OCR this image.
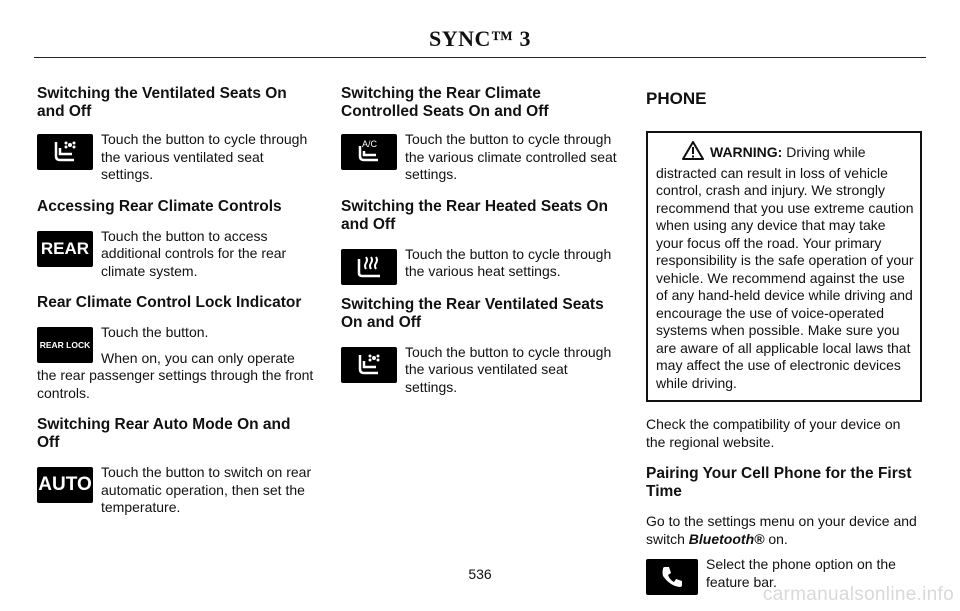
SYNC™ 3
Switching the Ventilated Seats On and Off

Touch the button to cycle through the various ventilated seat settings.

Accessing Rear Climate Controls
REAR

Touch the button to access additional controls for the rear climate system.

Rear Climate Control Lock Indicator
REAR LOCK

Touch the button.

When on, you can only operate the rear passenger settings through the front controls.

Switching Rear Auto Mode On and Off
AUTO

Touch the button to switch on rear automatic operation, then set the temperature.

Switching the Rear Climate Controlled Seats On and Off
A/C Touch the button to cycle through the various climate controlled seat settings.

Switching the Rear Heated Seats On and Off

Touch the button to cycle through the various heat settings.

Switching the Rear Ventilated Seats On and Off

Touch the button to cycle through the various ventilated seat settings.

PHONE
WARNING: Driving while distracted can result in loss of vehicle control, crash and injury. We strongly recommend that you use extreme caution when using any device that may take your focus off the road. Your primary responsibility is the safe operation of your vehicle. We recommend against the use of any hand-held device while driving and encourage the use of voice-operated systems when possible. Make sure you are aware of all applicable local laws that may affect the use of electronic devices while driving.

Check the compatibility of your device on the regional website.

Pairing Your Cell Phone for the First Time

Go to the settings menu on your device and switch Bluetooth® on.

Select the phone option on the feature bar.

536
carmanualsonline.info
